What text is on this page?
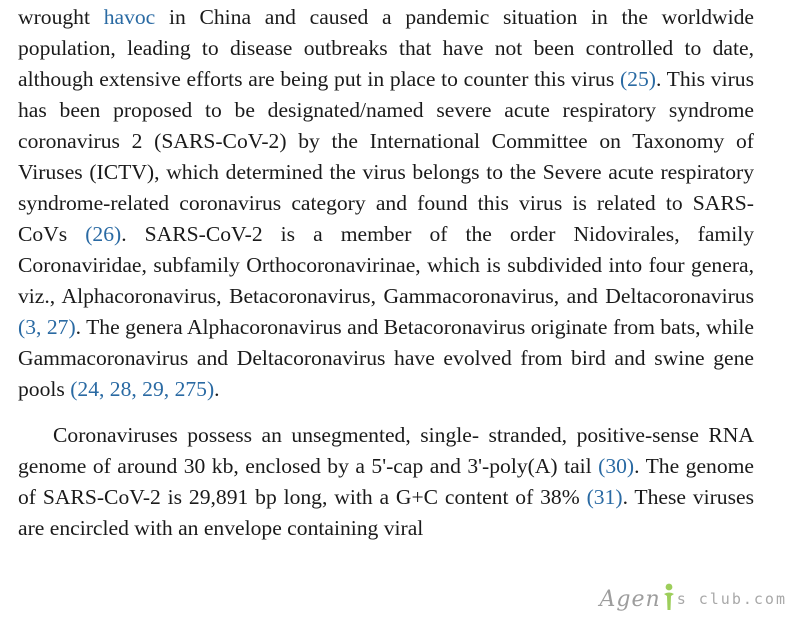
wrought havoc in China and caused a pandemic situation in the worldwide population, leading to disease outbreaks that have not been controlled to date, although extensive efforts are being put in place to counter this virus (25). This virus has been proposed to be designated/named severe acute respiratory syndrome coronavirus 2 (SARS-CoV-2) by the International Committee on Taxonomy of Viruses (ICTV), which determined the virus belongs to the Severe acute respiratory syndrome-related coronavirus category and found this virus is related to SARS-CoVs (26). SARS-CoV-2 is a member of the order Nidovirales, family Coronaviridae, subfamily Orthocoronavirinae, which is subdivided into four genera, viz., Alphacoronavirus, Betacoronavirus, Gammacoronavirus, and Deltacoronavirus (3, 27). The genera Alphacoronavirus and Betacoronavirus originate from bats, while Gammacoronavirus and Deltacoronavirus have evolved from bird and swine gene pools (24, 28, 29, 275).

Coronaviruses possess an unsegmented, single- stranded, positive-sense RNA genome of around 30 kb, enclosed by a 5'-cap and 3'-poly(A) tail (30). The genome of SARS-CoV-2 is 29,891 bp long, with a G+C content of 38% (31). These viruses are encircled with an envelope containing viral

Agen s club.com
